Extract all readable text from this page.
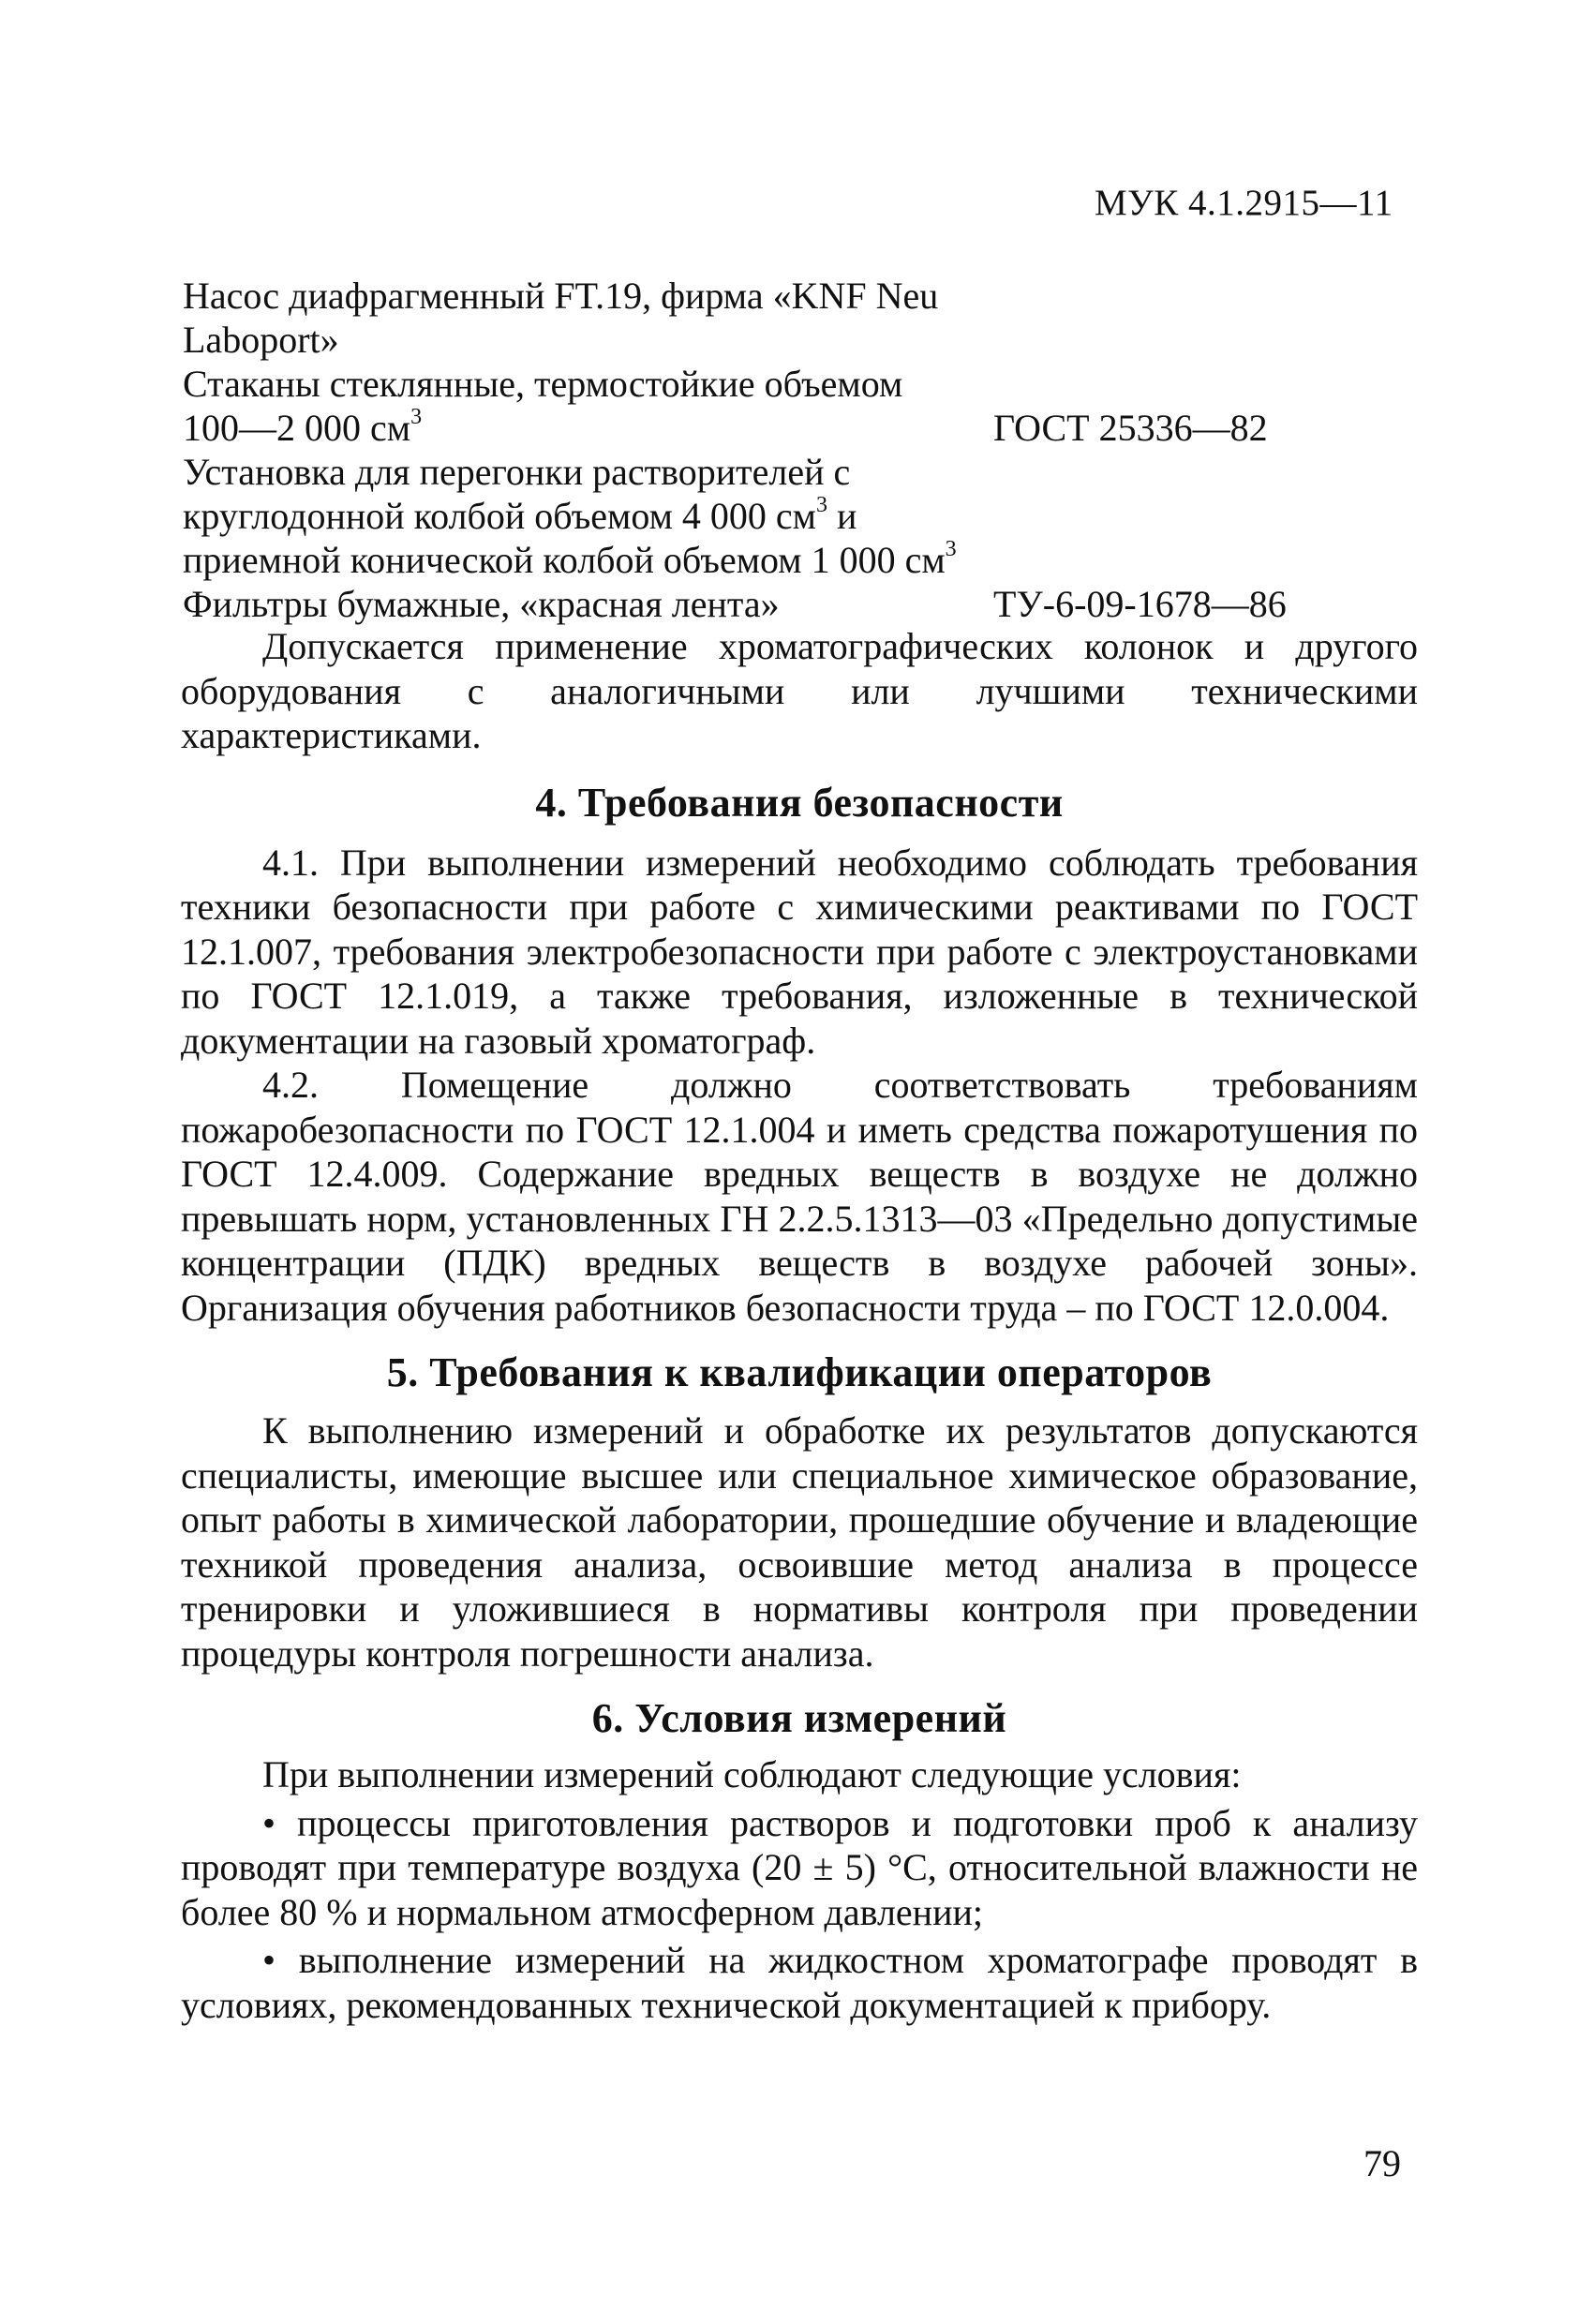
МУК 4.1.2915—11
Насос диафрагменный FT.19, фирма «KNF Neu
Laboport»
Стаканы стеклянные, термостойкие объемом
100—2 000 $см^3$	ГОСТ 25336—82
Установка для перегонки растворителей с
круглодонной колбой объемом 4 000 $см^3$ и
приемной конической колбой объемом 1 000 $см^3$
Фильтры бумажные, «красная лента»	ТУ-6-09-1678—86

Допускается применение хроматографических колонок и другого оборудования с аналогичными или лучшими техническими характеристиками.

4. Требования безопасности

4.1. При выполнении измерений необходимо соблюдать требования техники безопасности при работе с химическими реактивами по ГОСТ 12.1.007, требования электробезопасности при работе с электроустановками по ГОСТ 12.1.019, а также требования, изложенные в технической документации на газовый хроматограф.

4.2. Помещение должно соответствовать требованиям пожаробезопасности по ГОСТ 12.1.004 и иметь средства пожаротушения по ГОСТ 12.4.009. Содержание вредных веществ в воздухе не должно превышать норм, установленных ГН 2.2.5.1313—03 «Предельно допустимые концентрации (ПДК) вредных веществ в воздухе рабочей зоны». Организация обучения работников безопасности труда – по ГОСТ 12.0.004.

5. Требования к квалификации операторов

К выполнению измерений и обработке их результатов допускаются специалисты, имеющие высшее или специальное химическое образование, опыт работы в химической лаборатории, прошедшие обучение и владеющие техникой проведения анализа, освоившие метод анализа в процессе тренировки и уложившиеся в нормативы контроля при проведении процедуры контроля погрешности анализа.

6. Условия измерений

При выполнении измерений соблюдают следующие условия:

• процессы приготовления растворов и подготовки проб к анализу проводят при температуре воздуха (20 ± 5) °С, относительной влажности не более 80 % и нормальном атмосферном давлении;

• выполнение измерений на жидкостном хроматографе проводят в условиях, рекомендованных технической документацией к прибору.

79
